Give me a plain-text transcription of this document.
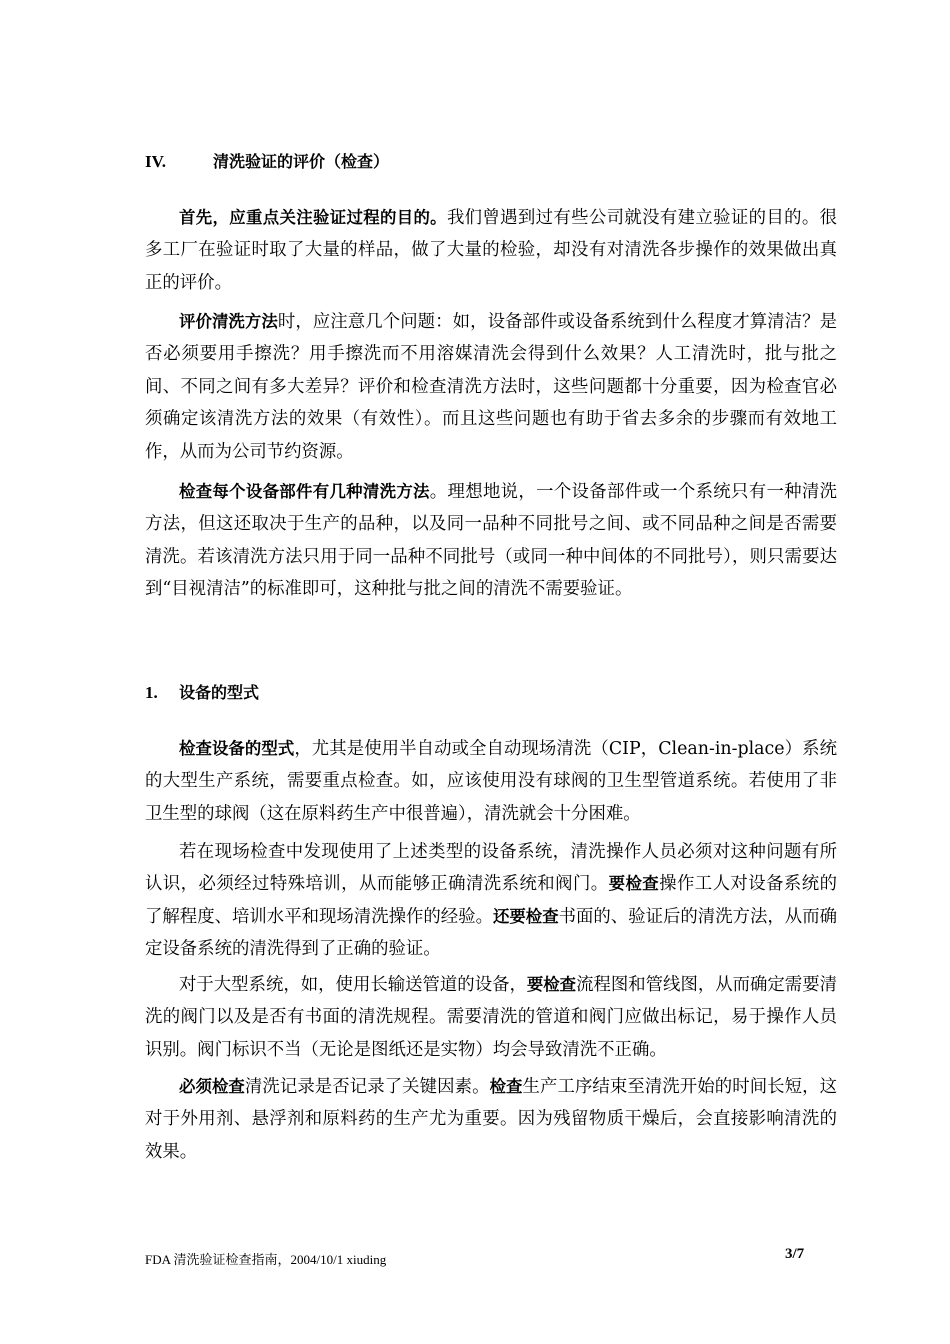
IV.	清洗验证的评价（检查）
首先，应重点关注验证过程的目的。我们曾遇到过有些公司就没有建立验证的目的。很多工厂在验证时取了大量的样品，做了大量的检验，却没有对清洗各步操作的效果做出真正的评价。
评价清洗方法时，应注意几个问题：如，设备部件或设备系统到什么程度才算清洁？是否必须要用手擦洗？用手擦洗而不用溶媒清洗会得到什么效果？人工清洗时，批与批之间、不同之间有多大差异？评价和检查清洗方法时，这些问题都十分重要，因为检查官必须确定该清洗方法的效果（有效性）。而且这些问题也有助于省去多余的步骤而有效地工作，从而为公司节约资源。
检查每个设备部件有几种清洗方法。理想地说，一个设备部件或一个系统只有一种清洗方法，但这还取决于生产的品种，以及同一品种不同批号之间、或不同品种之间是否需要清洗。若该清洗方法只用于同一品种不同批号（或同一种中间体的不同批号），则只需要达到“目视清洁”的标准即可，这种批与批之间的清洗不需要验证。
1. 设备的型式
检查设备的型式，尤其是使用半自动或全自动现场清洗（CIP，Clean-in-place）系统的大型生产系统，需要重点检查。如，应该使用没有球阀的卫生型管道系统。若使用了非卫生型的球阀（这在原料药生产中很普遍），清洗就会十分困难。
若在现场检查中发现使用了上述类型的设备系统，清洗操作人员必须对这种问题有所认识，必须经过特殊培训，从而能够正确清洗系统和阀门。要检查操作工人对设备系统的了解程度、培训水平和现场清洗操作的经验。还要检查书面的、验证后的清洗方法，从而确定设备系统的清洗得到了正确的验证。
对于大型系统，如，使用长输送管道的设备，要检查流程图和管线图，从而确定需要清洗的阀门以及是否有书面的清洗规程。需要清洗的管道和阀门应做出标记，易于操作人员识别。阀门标识不当（无论是图纸还是实物）均会导致清洗不正确。
必须检查清洗记录是否记录了关键因素。检查生产工序结束至清洗开始的时间长短，这对于外用剂、悬浮剂和原料药的生产尤为重要。因为残留物质干燥后，会直接影响清洗的效果。
FDA 清洗验证检查指南，2004/10/1 xiuding	3/7
